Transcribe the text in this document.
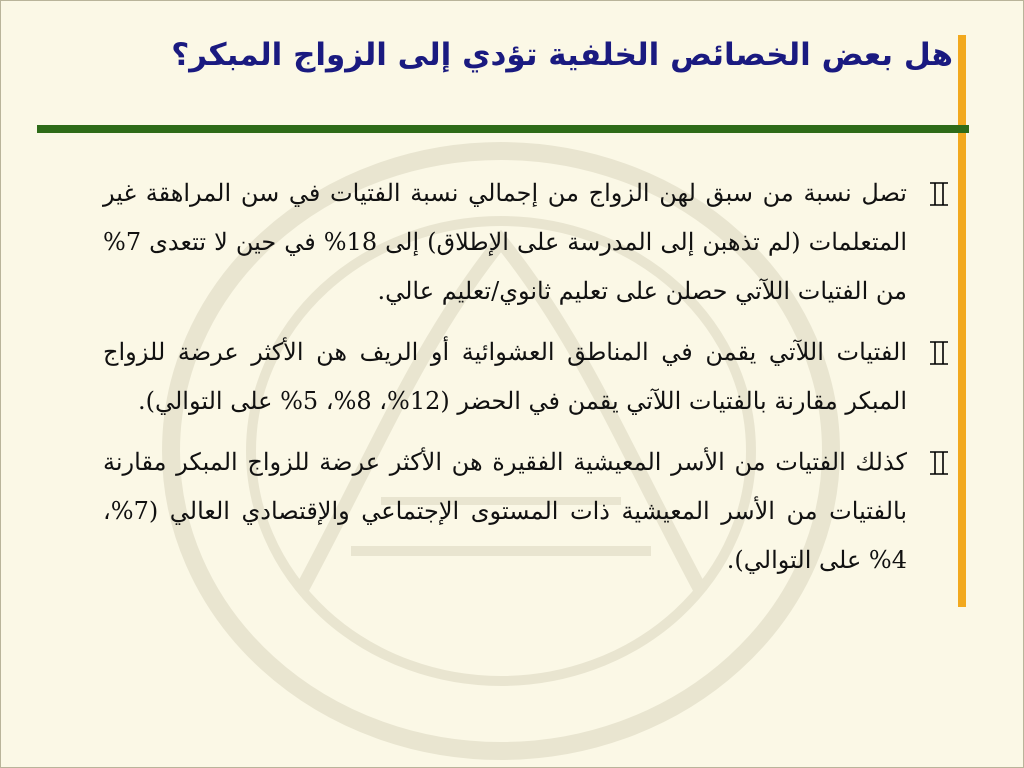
هل بعض الخصائص الخلفية تؤدي إلى الزواج المبكر؟
تصل نسبة من سبق لهن الزواج من إجمالي نسبة الفتيات في سن المراهقة غير المتعلمات (لم تذهبن إلى المدرسة على الإطلاق) إلى 18% في حين لا تتعدى 7% من الفتيات اللآتي حصلن على تعليم ثانوي/تعليم عالي.
الفتيات اللآتي يقمن في المناطق العشوائية أو الريف هن الأكثر عرضة للزواج المبكر مقارنة بالفتيات اللآتي يقمن في الحضر (12%، 8%، 5% على التوالي).
كذلك الفتيات من الأسر المعيشية الفقيرة هن الأكثر عرضة للزواج المبكر مقارنة بالفتيات من الأسر المعيشية ذات المستوى الإجتماعي والإقتصادي العالي (7%، 4% على التوالي).
